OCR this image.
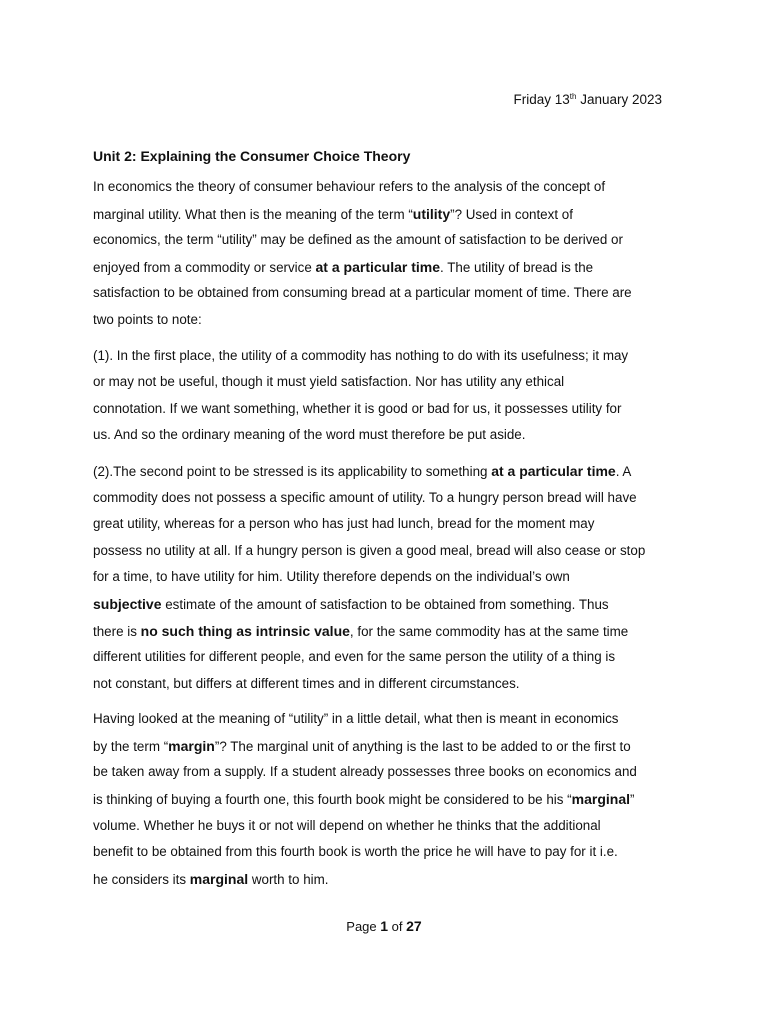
Friday 13th January 2023
Unit 2: Explaining the Consumer Choice Theory
In economics the theory of consumer behaviour refers to the analysis of the concept of
marginal utility. What then is the meaning of the term “utility”? Used in context of
economics, the term “utility” may be defined as the amount of satisfaction to be derived or
enjoyed from a commodity or service at a particular time. The utility of bread is the
satisfaction to be obtained from consuming bread at a particular moment of time. There are
two points to note:
(1). In the first place, the utility of a commodity has nothing to do with its usefulness; it may
or may not be useful, though it must yield satisfaction. Nor has utility any ethical
connotation. If we want something, whether it is good or bad for us, it possesses utility for
us. And so the ordinary meaning of the word must therefore be put aside.
(2).The second point to be stressed is its applicability to something at a particular time. A
commodity does not possess a specific amount of utility. To a hungry person bread will have
great utility, whereas for a person who has just had lunch, bread for the moment may
possess no utility at all. If a hungry person is given a good meal, bread will also cease or stop
for a time, to have utility for him. Utility therefore depends on the individual’s own
subjective estimate of the amount of satisfaction to be obtained from something. Thus
there is no such thing as intrinsic value, for the same commodity has at the same time
different utilities for different people, and even for the same person the utility of a thing is
not constant, but differs at different times and in different circumstances.
Having looked at the meaning of “utility” in a little detail, what then is meant in economics
by the term “margin”? The marginal unit of anything is the last to be added to or the first to
be taken away from a supply. If a student already possesses three books on economics and
is thinking of buying a fourth one, this fourth book might be considered to be his “marginal”
volume. Whether he buys it or not will depend on whether he thinks that the additional
benefit to be obtained from this fourth book is worth the price he will have to pay for it i.e.
he considers its marginal worth to him.
Page 1 of 27
